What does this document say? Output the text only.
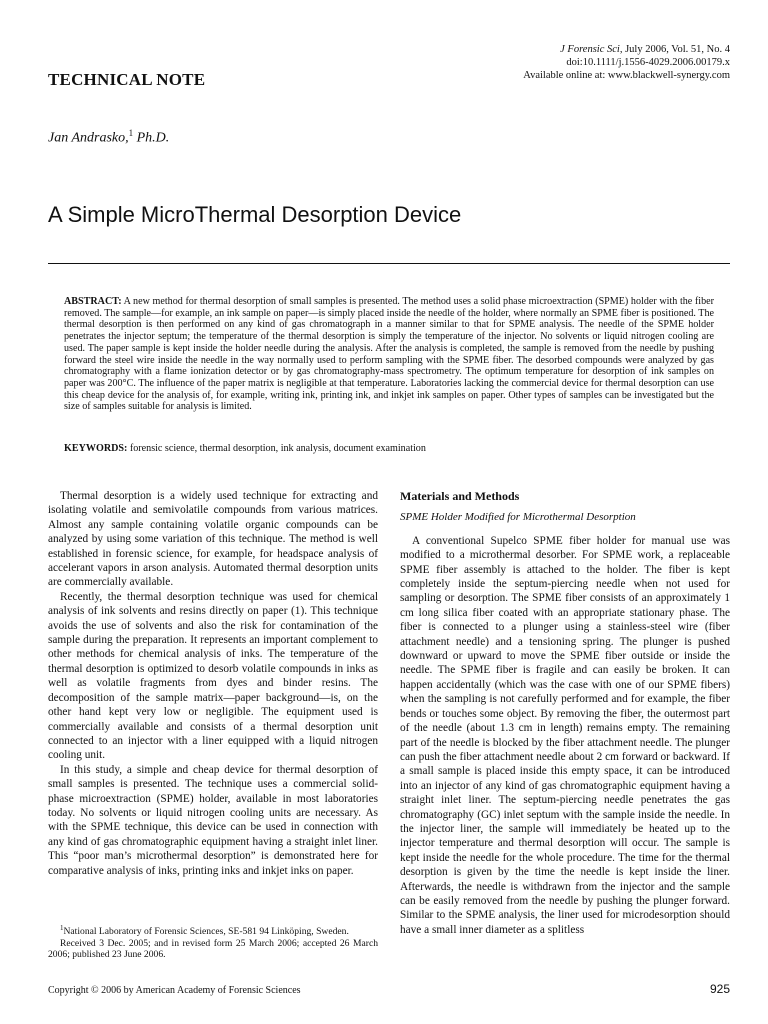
J Forensic Sci, July 2006, Vol. 51, No. 4
doi:10.1111/j.1556-4029.2006.00179.x
Available online at: www.blackwell-synergy.com
TECHNICAL NOTE
Jan Andrasko,$^1$ Ph.D.
A Simple MicroThermal Desorption Device
ABSTRACT: A new method for thermal desorption of small samples is presented. The method uses a solid phase microextraction (SPME) holder with the fiber removed. The sample—for example, an ink sample on paper—is simply placed inside the needle of the holder, where normally an SPME fiber is positioned. The thermal desorption is then performed on any kind of gas chromatograph in a manner similar to that for SPME analysis. The needle of the SPME holder penetrates the injector septum; the temperature of the thermal desorption is simply the temperature of the injector. No solvents or liquid nitrogen cooling are used. The paper sample is kept inside the holder needle during the analysis. After the analysis is completed, the sample is removed from the needle by pushing forward the steel wire inside the needle in the way normally used to perform sampling with the SPME fiber. The desorbed compounds were analyzed by gas chromatography with a flame ionization detector or by gas chromatography-mass spectrometry. The optimum temperature for desorption of ink samples on paper was 200°C. The influence of the paper matrix is negligible at that temperature. Laboratories lacking the commercial device for thermal desorption can use this cheap device for the analysis of, for example, writing ink, printing ink, and inkjet ink samples on paper. Other types of samples can be investigated but the size of samples suitable for analysis is limited.
KEYWORDS: forensic science, thermal desorption, ink analysis, document examination

Thermal desorption is a widely used technique for extracting and isolating volatile and semivolatile compounds from various matrices. Almost any sample containing volatile organic compounds can be analyzed by using some variation of this technique. The method is well established in forensic science, for example, for headspace analysis of accelerant vapors in arson analysis. Automated thermal desorption units are commercially available.

Recently, the thermal desorption technique was used for chemical analysis of ink solvents and resins directly on paper (1). This technique avoids the use of solvents and also the risk for contamination of the sample during the preparation. It represents an important complement to other methods for chemical analysis of inks. The temperature of the thermal desorption is optimized to desorb volatile compounds in inks as well as volatile fragments from dyes and binder resins. The decomposition of the sample matrix—paper background—is, on the other hand kept very low or negligible. The equipment used is commercially available and consists of a thermal desorption unit connected to an injector with a liner equipped with a liquid nitrogen cooling unit.

In this study, a simple and cheap device for thermal desorption of small samples is presented. The technique uses a commercial solid-phase microextraction (SPME) holder, available in most laboratories today. No solvents or liquid nitrogen cooling units are necessary. As with the SPME technique, this device can be used in connection with any kind of gas chromatographic equipment having a straight inlet liner. This “poor man’s microthermal desorption” is demonstrated here for comparative analysis of inks, printing inks and inkjet inks on paper.

$^1$National Laboratory of Forensic Sciences, SE-581 94 Linköping, Sweden.

Received 3 Dec. 2005; and in revised form 25 March 2006; accepted 26 March 2006; published 23 June 2006.

Materials and Methods
SPME Holder Modified for Microthermal Desorption

A conventional Supelco SPME fiber holder for manual use was modified to a microthermal desorber. For SPME work, a replaceable SPME fiber assembly is attached to the holder. The fiber is kept completely inside the septum-piercing needle when not used for sampling or desorption. The SPME fiber consists of an approximately 1 cm long silica fiber coated with an appropriate stationary phase. The fiber is connected to a plunger using a stainless-steel wire (fiber attachment needle) and a tensioning spring. The plunger is pushed downward or upward to move the SPME fiber outside or inside the needle. The SPME fiber is fragile and can easily be broken. It can happen accidentally (which was the case with one of our SPME fibers) when the sampling is not carefully performed and for example, the fiber bends or touches some object. By removing the fiber, the outermost part of the needle (about 1.3 cm in length) remains empty. The remaining part of the needle is blocked by the fiber attachment needle. The plunger can push the fiber attachment needle about 2 cm forward or backward. If a small sample is placed inside this empty space, it can be introduced into an injector of any kind of gas chromatographic equipment having a straight inlet liner. The septum-piercing needle penetrates the gas chromatography (GC) inlet septum with the sample inside the needle. In the injector liner, the sample will immediately be heated up to the injector temperature and thermal desorption will occur. The sample is kept inside the needle for the whole procedure. The time for the thermal desorption is given by the time the needle is kept inside the liner. Afterwards, the needle is withdrawn from the injector and the sample can be easily removed from the needle by pushing the plunger forward. Similar to the SPME analysis, the liner used for microdesorption should have a small inner diameter as a splitless

Copyright © 2006 by American Academy of Forensic Sciences	925
